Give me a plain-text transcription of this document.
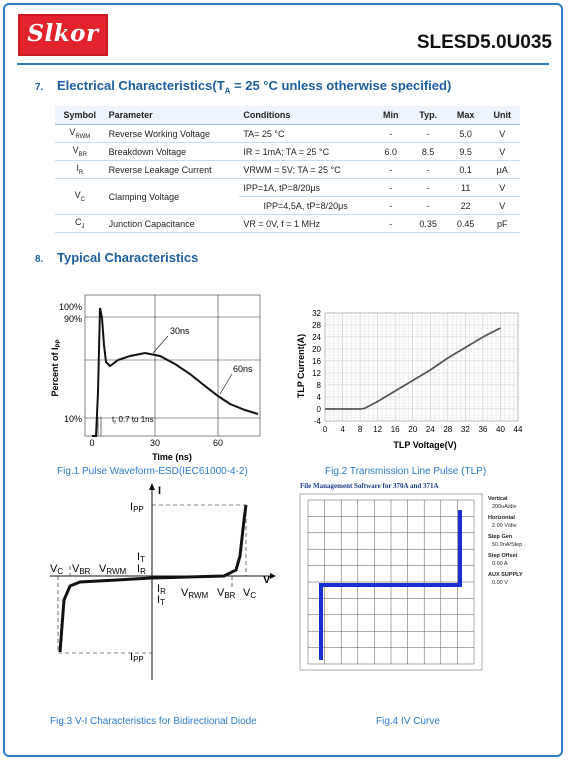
Slkor	SLESD5.0U035
7. Electrical $Characteristics(T_A = 25$ °C unless otherwise specified)
Symbol	Parameter	Conditions	Min	Typ.	Max	Unit
$V_{RWM}$	Reverse Working Voltage	TA= 25 °C	-	-	5.0	V
$V_{BR}$	Breakdown Voltage	IR = 1mA; TA = 25 °C	6.0	8.5	9.5	V
$I_R$	Reverse Leakage Current	VRWM = 5V; TA = 25 °C	-	-	0.1	μA
$V_C$	Clamping Voltage	IPP=1A, tP=8/20μs	-	-	11	V
		IPP=4.5A, tP=8/20μs	-	-	22	V
$C_J$	Junction Capacitance	VR = 0V, f = 1 MHz	-	0.35	0.45	pF
8. Typical Characteristics
100%
90%
10%
0	30	60
Time (ns)
Percent of $I_{PP}$
30ns
60ns
$t_r$ 0.7 to 1ns
Fig.1 Pulse Waveform-ESD(IEC61000-4-2)
0 4 8 12 16 20 24 28 32 36 40 44
32
28
24
20
16
12
8
4
0
-4
TLP Voltage(V)
TLP Current(A)
Fig.2 Transmission Line Pulse (TLP)
I
V
IPP
IPP
VC VBR VRWM
IT
IR
IR
IT
VRWM VBR VC
Fig.3 V-I Characteristics for Bidirectional Diode
File Management Software for 370A and 371A
Vertical
200uA/div
Horizontal
2.00 V/div
Step Gen
50.0nA/Step
Step Offset
0.00 A
AUX SUPPLY
0.00 V
Fig.4 IV Curve
